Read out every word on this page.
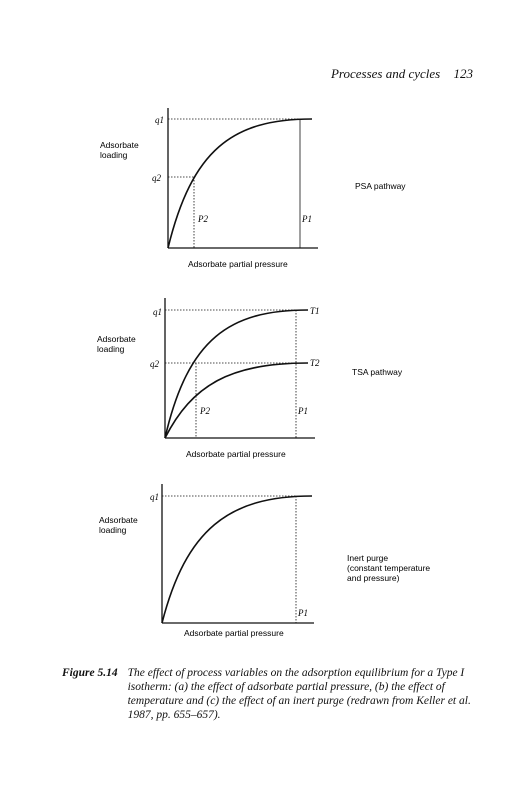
Processes and cycles 123
q1
q2
P2	P1
Adsorbate
loading
Adsorbate partial pressure
PSA pathway
q1
q2
T1
T2
P2	P1
Adsorbate
loading
Adsorbate partial pressure
TSA pathway
q1
P1
Adsorbate
loading
Adsorbate partial pressure
Inert purge
(constant temperature
and pressure)
Figure 5.14 The effect of process variables on the adsorption equilibrium for a Type I isotherm: (a) the effect of adsorbate partial pressure, (b) the effect of temperature and (c) the effect of an inert purge (redrawn from Keller et al. 1987, pp. 655–657).
